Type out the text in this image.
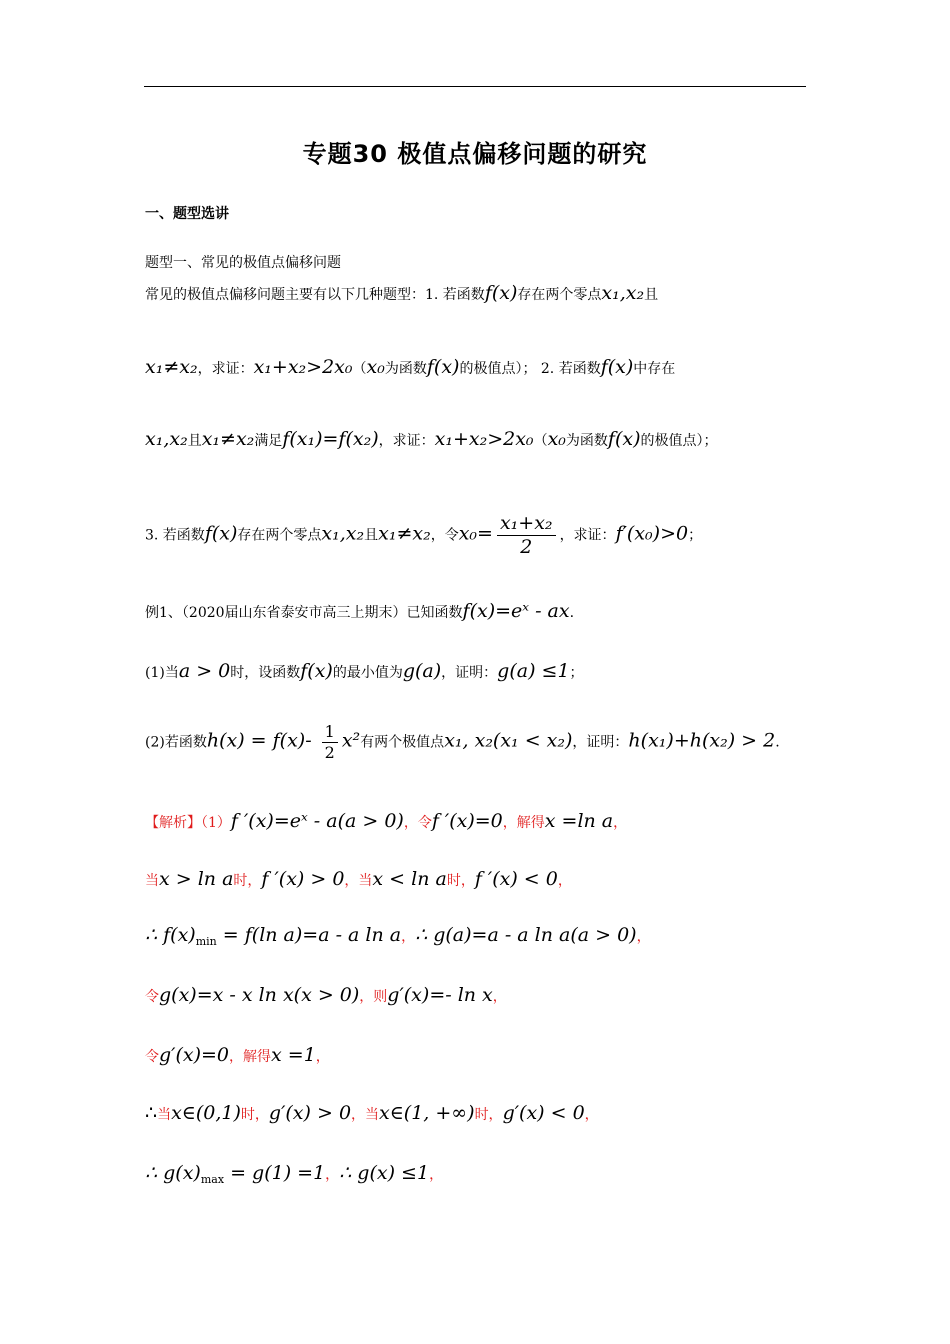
专题30 极值点偏移问题的研究
一、题型选讲
题型一、常见的极值点偏移问题
常见的极值点偏移问题主要有以下几种题型：1. 若函数f(x)存在两个零点x₁,x₂且
x₁≠x₂，求证：x₁+x₂>2x₀（x₀为函数f(x)的极值点）； 2. 若函数f(x)中存在
x₁,x₂且x₁≠x₂满足f(x₁)=f(x₂)，求证：x₁+x₂>2x₀（x₀为函数f(x)的极值点）；
3. 若函数f(x)存在两个零点x₁,x₂且x₁≠x₂，令$x_0= \frac{\text{x₁+x₂}}{2}$ ，求证：f′(x₀)>0；
例1、（2020届山东省泰安市高三上期末）已知函数f(x)=eˣ - ax.
(1)当a > 0时，设函数f(x)的最小值为g(a)，证明：g(a) ≤1；
(2)若函数$h(x) = f(x)- \frac{1}{2} x^2$有两个极值点x₁, x₂(x₁ < x₂)，证明：h(x₁)+h(x₂) > 2.
【解析】（1）f ′(x)=eˣ - a(a > 0)，令f ′(x)=0，解得x =ln a，
当x > ln a时，f ′(x) > 0，当x < ln a时，f ′(x) < 0，
∴ $f(x)_{min} = f(\ln$ a)=a - a ln a，∴ g(a)=a - a ln a(a > 0)，
令g(x)=x - x ln x(x > 0)，则g′(x)=- ln x，
令g′(x)=0，解得x =1，
∴当x∈(0,1)时，g′(x) > 0，当x∈(1, +∞)时，g′(x) < 0，
∴ $g(x)_{max} = g(1) =1$，∴ g(x) ≤1，
